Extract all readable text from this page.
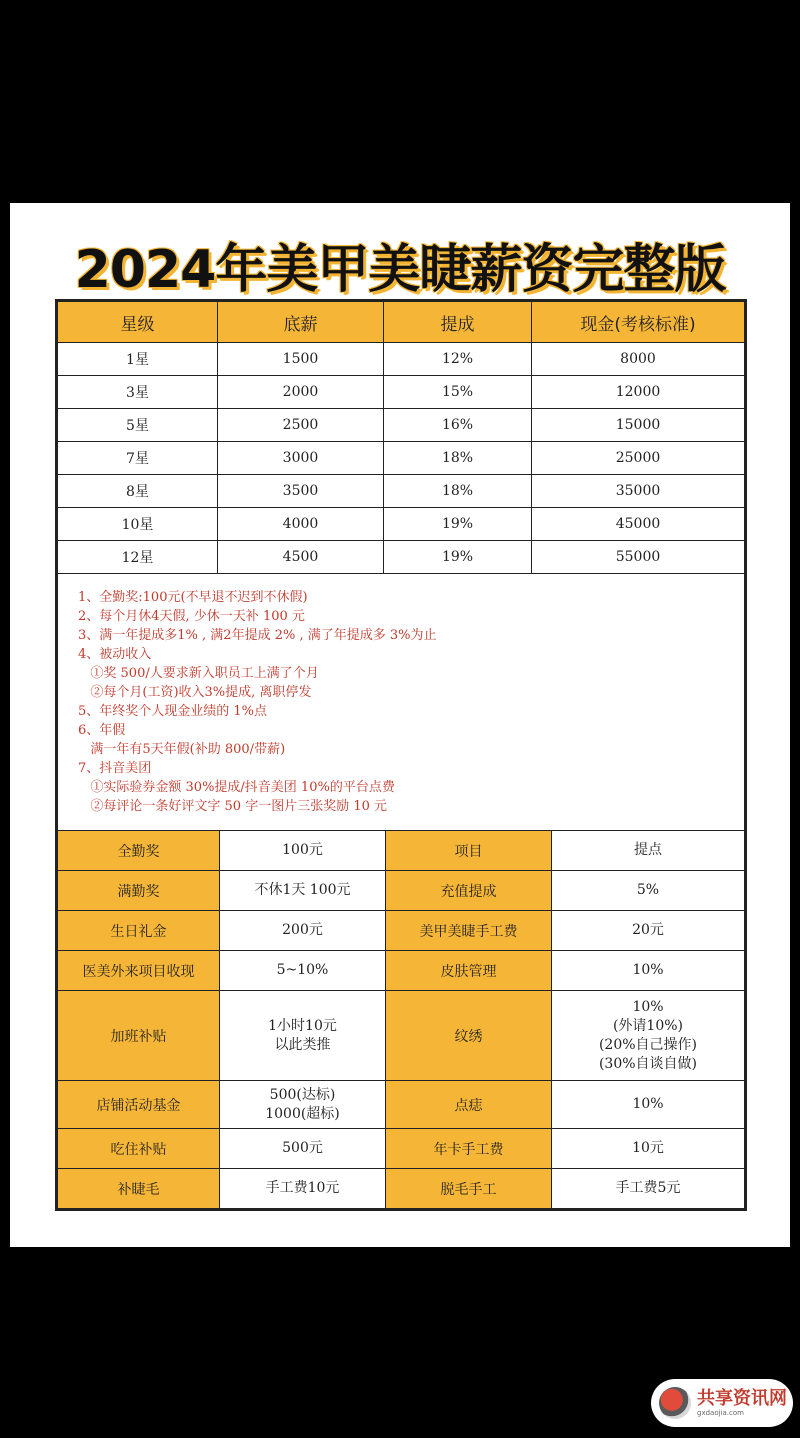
2024年美甲美睫薪资完整版
星级	底薪	提成	现金(考核标准)
1星	1500	12%	8000
3星	2000	15%	12000
5星	2500	16%	15000
7星	3000	18%	25000
8星	3500	18%	35000
10星	4000	19%	45000
12星	4500	19%	55000
1、全勤奖:100元(不早退不迟到不休假)
2、每个月休4天假, 少休一天补 100 元
3、满一年提成多1% , 满2年提成 2% , 满了年提成多 3%为止
4、被动收入
①奖 500/人要求新入职员工上满了个月
②每个月(工资)收入3%提成, 离职停发
5、年终奖个人现金业绩的 1%点
6、年假
满一年有5天年假(补助 800/带薪)
7、抖音美团
①实际验券金额 30%提成/抖音美团 10%的平台点费
②每评论一条好评文字 50 字一图片三张奖励 10 元
全勤奖	100元	项目	提点

满勤奖	不休1天 100元	充值提成	5%

生日礼金	200元	美甲美睫手工费	20元

医美外来项目收现	5~10%	皮肤管理	10%

加班补贴	1小时10元
以此类推	纹绣	10%
(外请10%)
(20%自己操作)
(30%自谈自做)

店铺活动基金	500(达标)
1000(超标)	点痣	10%

吃住补贴	500元	年卡手工费	10元

补睫毛	手工费10元	脱毛手工	手工费5元
共享资讯网
gxdaojia.com
